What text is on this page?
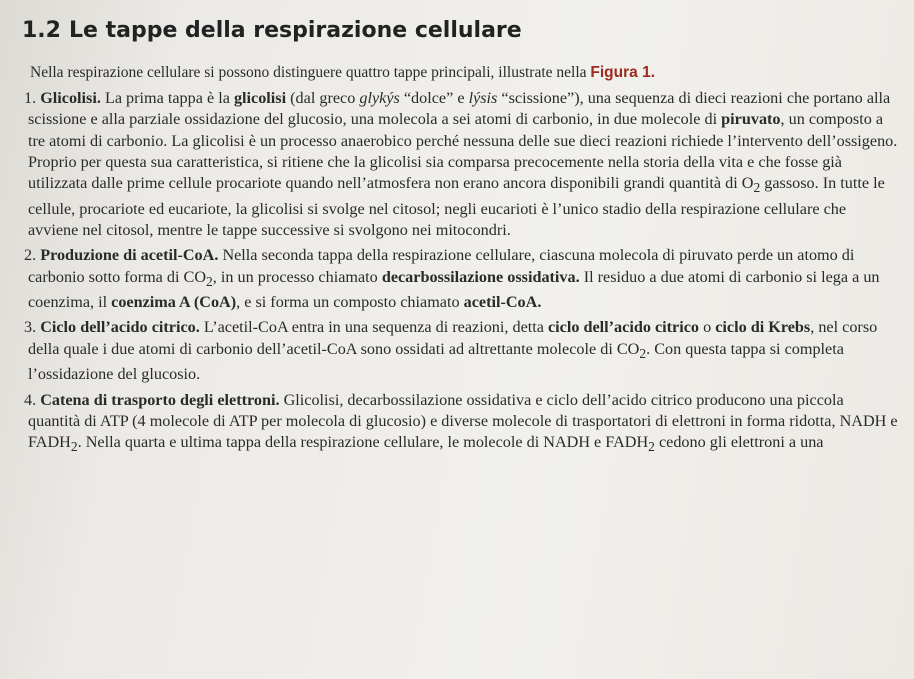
1.2 Le tappe della respirazione cellulare
Nella respirazione cellulare si possono distinguere quattro tappe principali, illustrate nella Figura 1.

1. Glicolisi. La prima tappa è la glicolisi (dal greco glykýs “dolce” e lýsis “scissione”), una sequenza di dieci reazioni che portano alla scissione e alla parziale ossidazione del glucosio, una molecola a sei atomi di carbonio, in due molecole di piruvato, un composto a tre atomi di carbonio. La glicolisi è un processo anaerobico perché nessuna delle sue dieci reazioni richiede l’intervento dell’ossigeno. Proprio per questa sua caratteristica, si ritiene che la glicolisi sia comparsa precocemente nella storia della vita e che fosse già utilizzata dalle prime cellule procariote quando nell’atmosfera non erano ancora disponibili grandi quantità di $O_2$ gassoso. In tutte le cellule, procariote ed eucariote, la glicolisi si svolge nel citosol; negli eucarioti è l’unico stadio della respirazione cellulare che avviene nel citosol, mentre le tappe successive si svolgono nei mitocondri.

2. Produzione di acetil-CoA. Nella seconda tappa della respirazione cellulare, ciascuna molecola di piruvato perde un atomo di carbonio sotto forma di $CO_2$, in un processo chiamato decarbossilazione ossidativa. Il residuo a due atomi di carbonio si lega a un coenzima, il coenzima A (CoA), e si forma un composto chiamato acetil-CoA.

3. Ciclo dell’acido citrico. L’acetil-CoA entra in una sequenza di reazioni, detta ciclo dell’acido citrico o ciclo di Krebs, nel corso della quale i due atomi di carbonio dell’acetil-CoA sono ossidati ad altrettante molecole di $CO_2$. Con questa tappa si completa l’ossidazione del glucosio.

4. Catena di trasporto degli elettroni. Glicolisi, decarbossilazione ossidativa e ciclo dell’acido citrico producono una piccola quantità di ATP (4 molecole di ATP per molecola di glucosio) e diverse molecole di trasportatori di elettroni in forma ridotta, NADH e $FADH_2$. Nella quarta e ultima tappa della respirazione cellulare, le molecole di NADH e $FADH_2$ cedono gli elettroni a una
